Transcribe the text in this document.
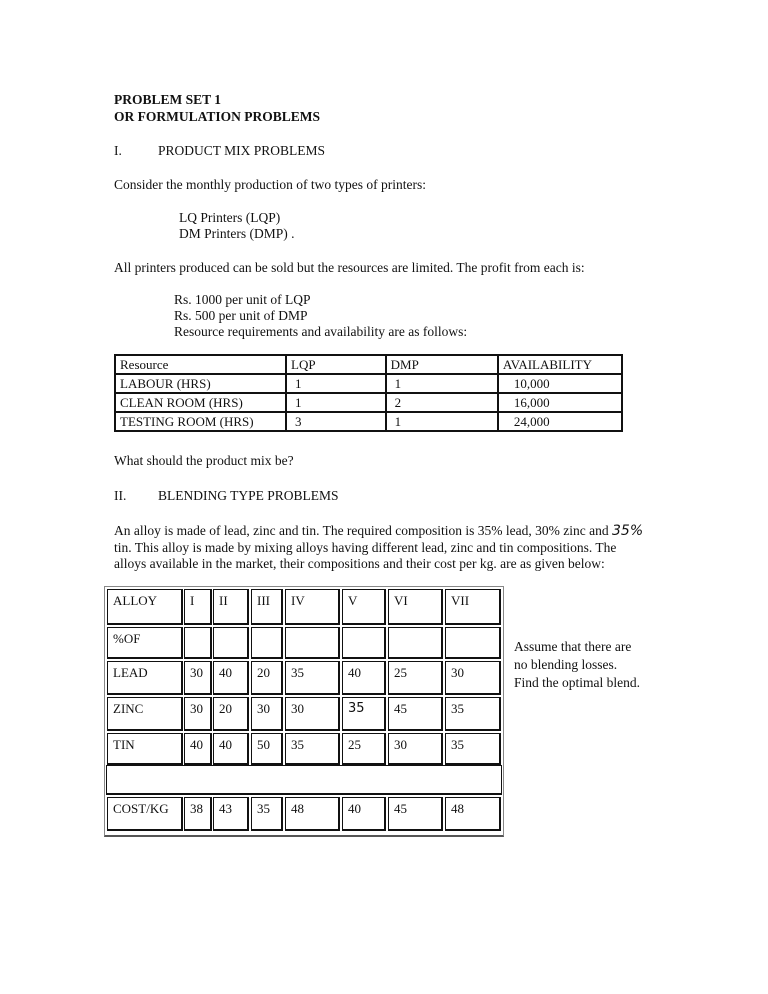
PROBLEM SET 1
OR FORMULATION PROBLEMS
I.	PRODUCT MIX PROBLEMS
Consider the monthly production of two types of printers:
LQ Printers (LQP)
DM Printers (DMP) .
All printers produced can be sold but the resources are limited. The profit from each is:
Rs. 1000 per unit of LQP
Rs. 500 per unit of DMP
Resource requirements and availability are as follows:
Resource	LQP	DMP	AVAILABILITY
LABOUR (HRS)	1	1	10,000
CLEAN ROOM (HRS)	1	2	16,000
TESTING ROOM (HRS)	3	1	24,000
What should the product mix be?
II. BLENDING TYPE PROBLEMS
An alloy is made of lead, zinc and tin. The required composition is 35% lead, 30% zinc and 35%
tin. This alloy is made by mixing alloys having different lead, zinc and tin compositions. The
alloys available in the market, their compositions and their cost per kg. are as given below:
ALLOY	I	II	III	IV	V	VI	VII
%OF
LEAD	30	40	20	35	40	25	30
ZINC	30	20	30	30	35	45	35
TIN	40	40	50	35	25	30	35
COST/KG	38	43	35	48	40	45	48
Assume that there are
no blending losses.
Find the optimal blend.
